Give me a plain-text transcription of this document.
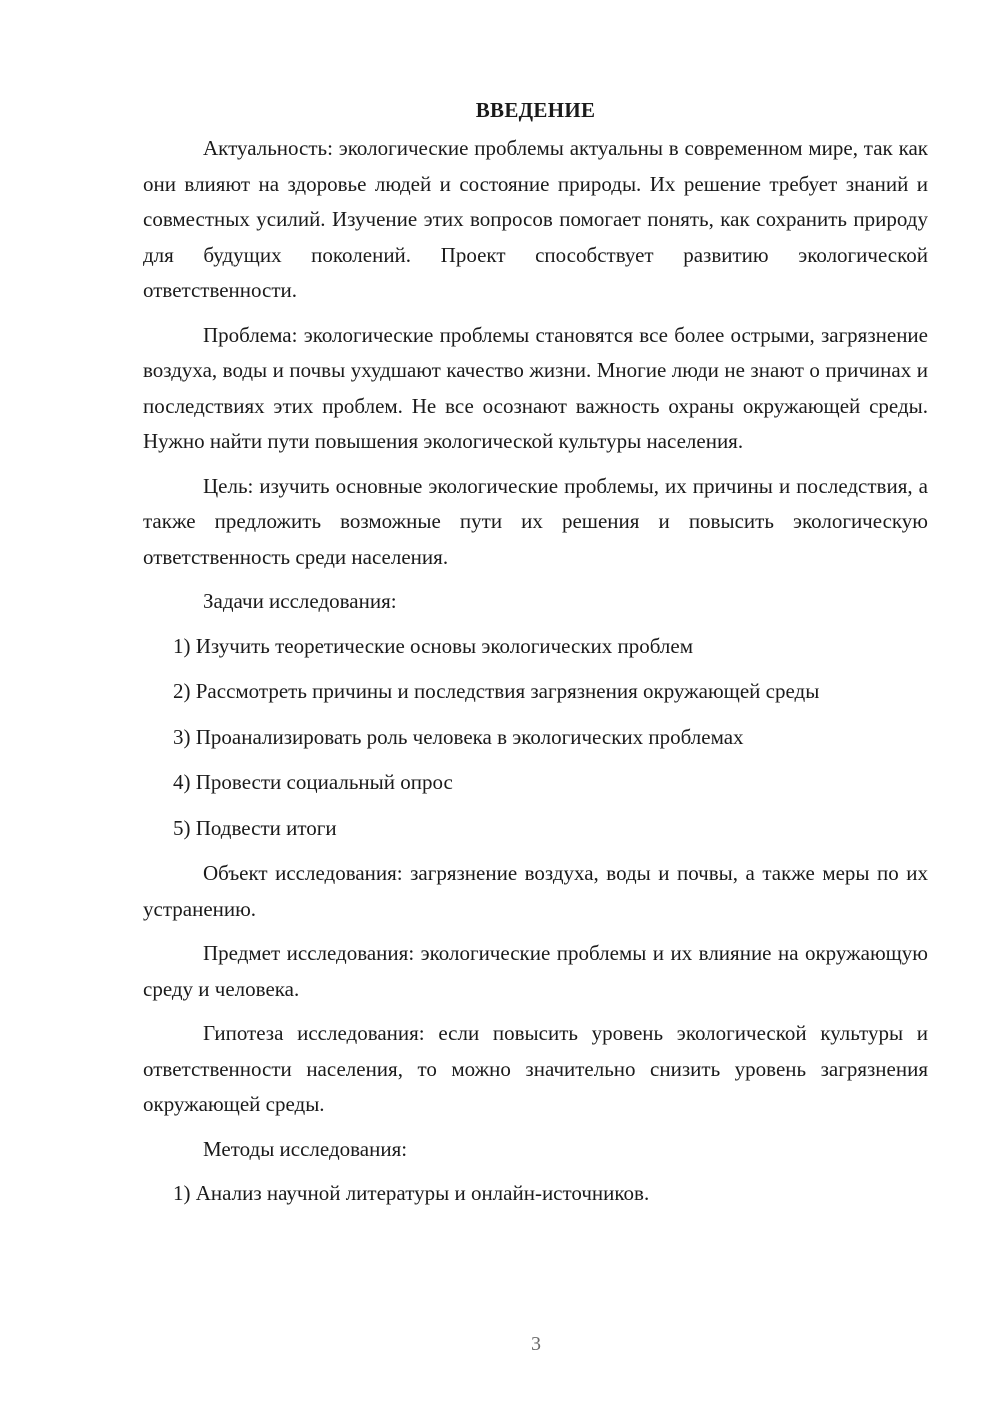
ВВЕДЕНИЕ

Актуальность: экологические проблемы актуальны в современном мире, так как они влияют на здоровье людей и состояние природы. Их решение требует знаний и совместных усилий. Изучение этих вопросов помогает понять, как сохранить природу для будущих поколений. Проект способствует развитию экологической ответственности.

Проблема: экологические проблемы становятся все более острыми, загрязнение воздуха, воды и почвы ухудшают качество жизни. Многие люди не знают о причинах и последствиях этих проблем. Не все осознают важность охраны окружающей среды. Нужно найти пути повышения экологической культуры населения.

Цель: изучить основные экологические проблемы, их причины и последствия, а также предложить возможные пути их решения и повысить экологическую ответственность среди населения.

Задачи исследования:

1) Изучить теоретические основы экологических проблем

2) Рассмотреть причины и последствия загрязнения окружающей среды

3) Проанализировать роль человека в экологических проблемах

4) Провести социальный опрос

5) Подвести итоги

Объект исследования: загрязнение воздуха, воды и почвы, а также меры по их устранению.

Предмет исследования: экологические проблемы и их влияние на окружающую среду и человека.

Гипотеза исследования: если повысить уровень экологической культуры и ответственности населения, то можно значительно снизить уровень загрязнения окружающей среды.

Методы исследования:

1) Анализ научной литературы и онлайн-источников.

3
